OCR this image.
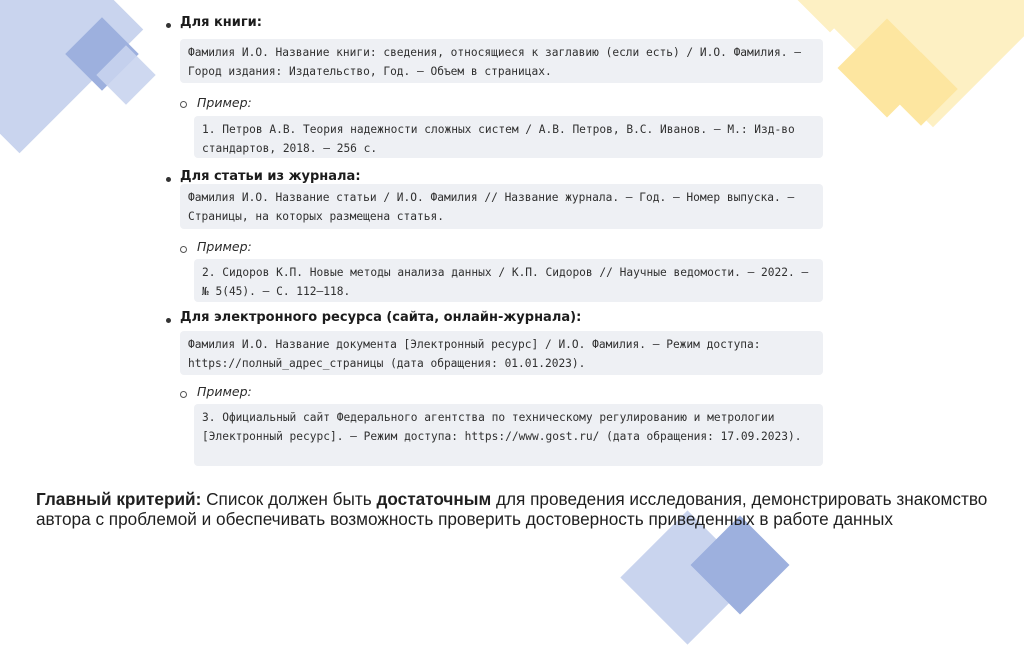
Для книги:
Фамилия И.О. Название книги: сведения, относящиеся к заглавию (если есть) / И.О. Фамилия. – Город издания: Издательство, Год. – Объем в страницах.
Пример:
1. Петров А.В. Теория надежности сложных систем / А.В. Петров, В.С. Иванов. – М.: Изд-во стандартов, 2018. – 256 с.
Для статьи из журнала:
Фамилия И.О. Название статьи / И.О. Фамилия // Название журнала. – Год. – Номер выпуска. – Страницы, на которых размещена статья.
Пример:
2. Сидоров К.П. Новые методы анализа данных / К.П. Сидоров // Научные ведомости. – 2022. – № 5(45). – С. 112–118.
Для электронного ресурса (сайта, онлайн-журнала):
Фамилия И.О. Название документа [Электронный ресурс] / И.О. Фамилия. – Режим доступа: https://полный_адрес_страницы (дата обращения: 01.01.2023).
Пример:
3. Официальный сайт Федерального агентства по техническому регулированию и метрологии [Электронный ресурс]. – Режим доступа: https://www.gost.ru/ (дата обращения: 17.09.2023).
Главный критерий: Список должен быть достаточным для проведения исследования, демонстрировать знакомство автора с проблемой и обеспечивать возможность проверить достоверность приведенных в работе данных
